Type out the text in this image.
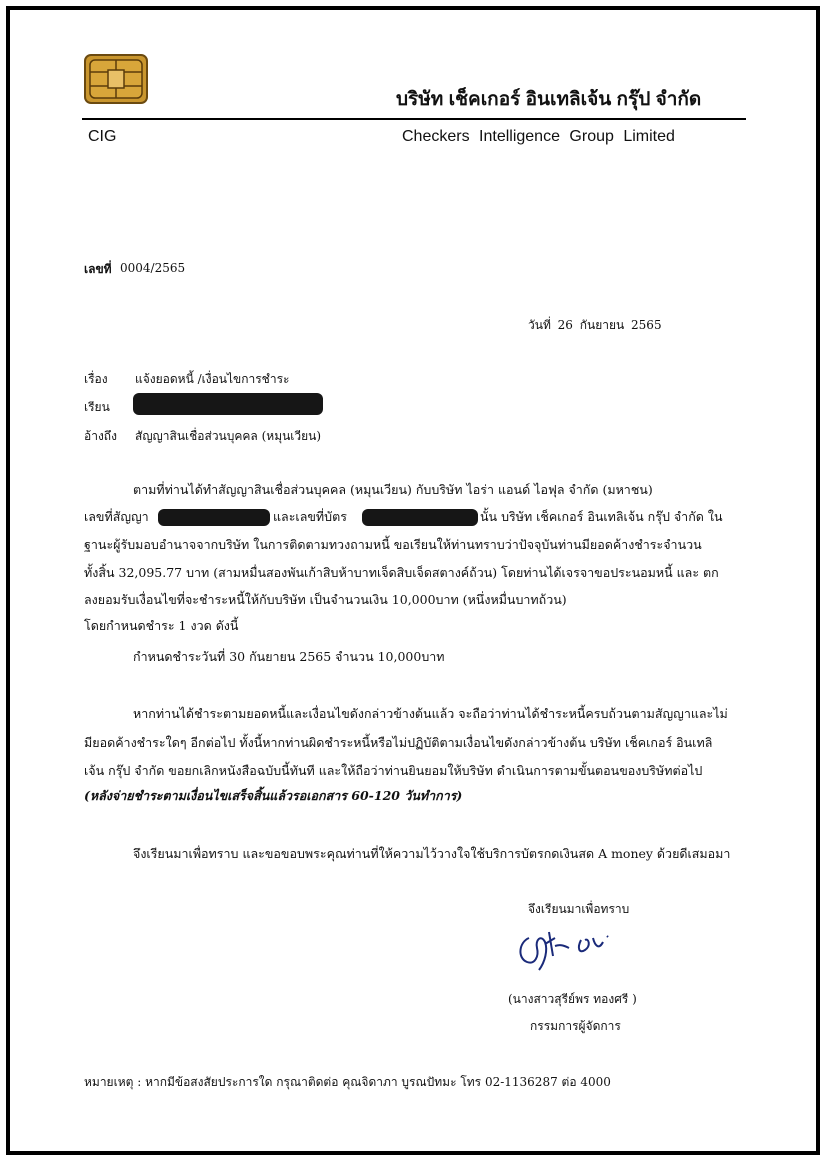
บริษัท เช็คเกอร์ อินเทลิเจ้น กรุ๊ป จำกัด
CIG	Checkers Intelligence Group Limited
เลขที่ 0004/2565
วันที่ 26 กันยายน 2565
เรื่อง แจ้งยอดหนี้ /เงื่อนไขการชำระ
เรียน
อ้างถึง สัญญาสินเชื่อส่วนบุคคล (หมุนเวียน)
ตามที่ท่านได้ทำสัญญาสินเชื่อส่วนบุคคล (หมุนเวียน) กับบริษัท ไอร่า แอนด์ ไอฟุล จำกัด (มหาชน)
เลขที่สัญญา	และเลขที่บัตร	นั้น บริษัท เช็คเกอร์ อินเทลิเจ้น กรุ๊ป จำกัด ใน
ฐานะผู้รับมอบอำนาจจากบริษัท ในการติดตามทวงถามหนี้ ขอเรียนให้ท่านทราบว่าปัจจุบันท่านมียอดค้างชำระจำนวน
ทั้งสิ้น 32,095.77 บาท (สามหมื่นสองพันเก้าสิบห้าบาทเจ็ดสิบเจ็ดสตางค์ถ้วน) โดยท่านได้เจรจาขอประนอมหนี้ และ ตก
ลงยอมรับเงื่อนไขที่จะชำระหนี้ให้กับบริษัท เป็นจำนวนเงิน 10,000บาท (หนึ่งหมื่นบาทถ้วน)
โดยกำหนดชำระ 1 งวด ดังนี้
กำหนดชำระวันที่ 30 กันยายน 2565 จำนวน 10,000บาท
หากท่านได้ชำระตามยอดหนี้และเงื่อนไขดังกล่าวข้างต้นแล้ว จะถือว่าท่านได้ชำระหนี้ครบถ้วนตามสัญญาและไม่
มียอดค้างชำระใดๆ อีกต่อไป ทั้งนี้หากท่านผิดชำระหนี้หรือไม่ปฏิบัติตามเงื่อนไขดังกล่าวข้างต้น บริษัท เช็คเกอร์ อินเทลิ
เจ้น กรุ๊ป จำกัด ขอยกเลิกหนังสือฉบับนี้ทันที และให้ถือว่าท่านยินยอมให้บริษัท ดำเนินการตามขั้นตอนของบริษัทต่อไป
(หลังจ่ายชำระตามเงื่อนไขเสร็จสิ้นแล้วรอเอกสาร 60-120 วันทำการ)
จึงเรียนมาเพื่อทราบ และขอขอบพระคุณท่านที่ให้ความไว้วางใจใช้บริการบัตรกดเงินสด A money ด้วยดีเสมอมา
จึงเรียนมาเพื่อทราบ
(นางสาวสุรีย์พร ทองศรี )
กรรมการผู้จัดการ
หมายเหตุ : หากมีข้อสงสัยประการใด กรุณาติดต่อ คุณจิดาภา บูรณปัทมะ โทร 02-1136287 ต่อ 4000
